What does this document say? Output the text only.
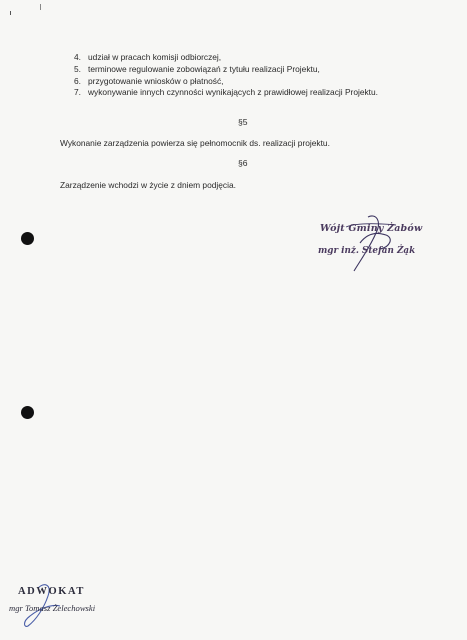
4. udział w pracach komisji odbiorczej,
5. terminowe regulowanie zobowiązań z tytułu realizacji Projektu,
6. przygotowanie wniosków o płatność,
7. wykonywanie innych czynności wynikających z prawidłowej realizacji Projektu.
§5
Wykonanie zarządzenia powierza się pełnomocnik ds. realizacji projektu.
§6
Zarządzenie wchodzi w życie z dniem podjęcia.
Wójt Gminy Żabów
mgr inż. Stefan Żąk
ADWOKAT
mgr Tomasz Żelechowski
